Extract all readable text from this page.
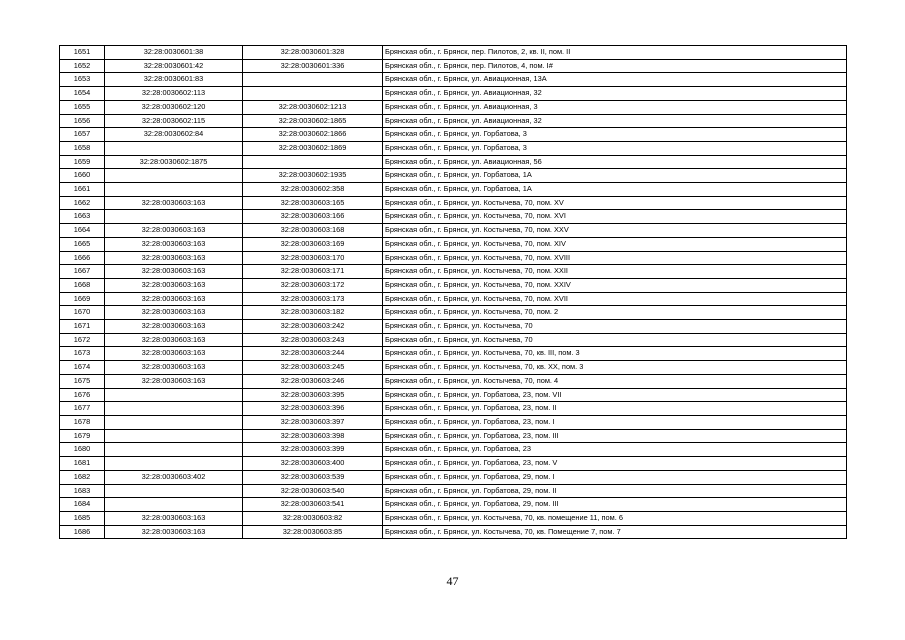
1651	32:28:0030601:38	32:28:0030601:328	Брянская обл., г. Брянск, пер. Пилотов, 2, кв. II, пом. II
1652	32:28:0030601:42	32:28:0030601:336	Брянская обл., г. Брянск, пер. Пилотов, 4, пом. I#
1653	32:28:0030601:83		Брянская обл., г. Брянск, ул. Авиационная, 13А
1654	32:28:0030602:113		Брянская обл., г. Брянск, ул. Авиационная, 32
1655	32:28:0030602:120	32:28:0030602:1213	Брянская обл., г. Брянск, ул. Авиационная, 3
1656	32:28:0030602:115	32:28:0030602:1865	Брянская обл., г. Брянск, ул. Авиационная, 32
1657	32:28:0030602:84	32:28:0030602:1866	Брянская обл., г. Брянск, ул. Горбатова, 3
1658		32:28:0030602:1869	Брянская обл., г. Брянск, ул. Горбатова, 3
1659	32:28:0030602:1875		Брянская обл., г. Брянск, ул. Авиационная, 56
1660		32:28:0030602:1935	Брянская обл., г. Брянск, ул. Горбатова, 1А
1661		32:28:0030602:358	Брянская обл., г. Брянск, ул. Горбатова, 1А
1662	32:28:0030603:163	32:28:0030603:165	Брянская обл., г. Брянск, ул. Костычева, 70, пом. XV
1663		32:28:0030603:166	Брянская обл., г. Брянск, ул. Костычева, 70, пом. XVI
1664	32:28:0030603:163	32:28:0030603:168	Брянская обл., г. Брянск, ул. Костычева, 70, пом. XXV
1665	32:28:0030603:163	32:28:0030603:169	Брянская обл., г. Брянск, ул. Костычева, 70, пом. XIV
1666	32:28:0030603:163	32:28:0030603:170	Брянская обл., г. Брянск, ул. Костычева, 70, пом. XVIII
1667	32:28:0030603:163	32:28:0030603:171	Брянская обл., г. Брянск, ул. Костычева, 70, пом. XXII
1668	32:28:0030603:163	32:28:0030603:172	Брянская обл., г. Брянск, ул. Костычева, 70, пом. XXIV
1669	32:28:0030603:163	32:28:0030603:173	Брянская обл., г. Брянск, ул. Костычева, 70, пом. XVII
1670	32:28:0030603:163	32:28:0030603:182	Брянская обл., г. Брянск, ул. Костычева, 70, пом. 2
1671	32:28:0030603:163	32:28:0030603:242	Брянская обл., г. Брянск, ул. Костычева, 70
1672	32:28:0030603:163	32:28:0030603:243	Брянская обл., г. Брянск, ул. Костычева, 70
1673	32:28:0030603:163	32:28:0030603:244	Брянская обл., г. Брянск, ул. Костычева, 70, кв. III, пом. 3
1674	32:28:0030603:163	32:28:0030603:245	Брянская обл., г. Брянск, ул. Костычева, 70, кв. XX, пом. 3
1675	32:28:0030603:163	32:28:0030603:246	Брянская обл., г. Брянск, ул. Костычева, 70, пом. 4
1676		32:28:0030603:395	Брянская обл., г. Брянск, ул. Горбатова, 23, пом. VII
1677		32:28:0030603:396	Брянская обл., г. Брянск, ул. Горбатова, 23, пом. II
1678		32:28:0030603:397	Брянская обл., г. Брянск, ул. Горбатова, 23, пом. I
1679		32:28:0030603:398	Брянская обл., г. Брянск, ул. Горбатова, 23, пом. III
1680		32:28:0030603:399	Брянская обл., г. Брянск, ул. Горбатова, 23
1681		32:28:0030603:400	Брянская обл., г. Брянск, ул. Горбатова, 23, пом. V
1682	32:28:0030603:402	32:28:0030603:539	Брянская обл., г. Брянск, ул. Горбатова, 29, пом. I
1683		32:28:0030603:540	Брянская обл., г. Брянск, ул. Горбатова, 29, пом. II
1684		32:28:0030603:541	Брянская обл., г. Брянск, ул. Горбатова, 29, пом. III
1685	32:28:0030603:163	32:28:0030603:82	Брянская обл., г. Брянск, ул. Костычева, 70, кв. помещение 11, пом. 6
1686	32:28:0030603:163	32:28:0030603:85	Брянская обл., г. Брянск, ул. Костычева, 70, кв. Помещение 7, пом. 7
47
